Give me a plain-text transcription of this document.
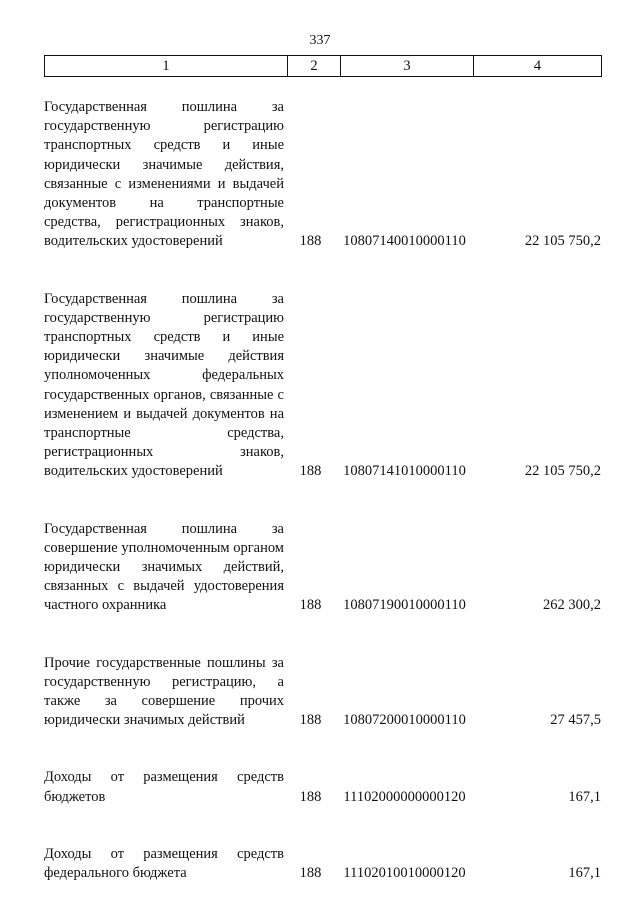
337
1	2	3	4
Государственная пошлина за государственную регистрацию транспортных средств и иные юридически значимые действия, связанные с изменениями и выдачей документов на транспортные средства, регистрационных знаков, водительских удостоверений	188	10807140010000110	22 105 750,2
Государственная пошлина за государственную регистрацию транспортных средств и иные юридически значимые действия уполномоченных федеральных государственных органов, связанные с изменением и выдачей документов на транспортные средства, регистрационных знаков, водительских удостоверений	188	10807141010000110	22 105 750,2
Государственная пошлина за совершение уполномоченным органом юридически значимых действий, связанных с выдачей удостоверения частного охранника	188	10807190010000110	262 300,2
Прочие государственные пошлины за государственную регистрацию, а также за совершение прочих юридически значимых действий	188	10807200010000110	27 457,5
Доходы от размещения средств бюджетов	188	11102000000000120	167,1
Доходы от размещения средств федерального бюджета	188	11102010010000120	167,1
